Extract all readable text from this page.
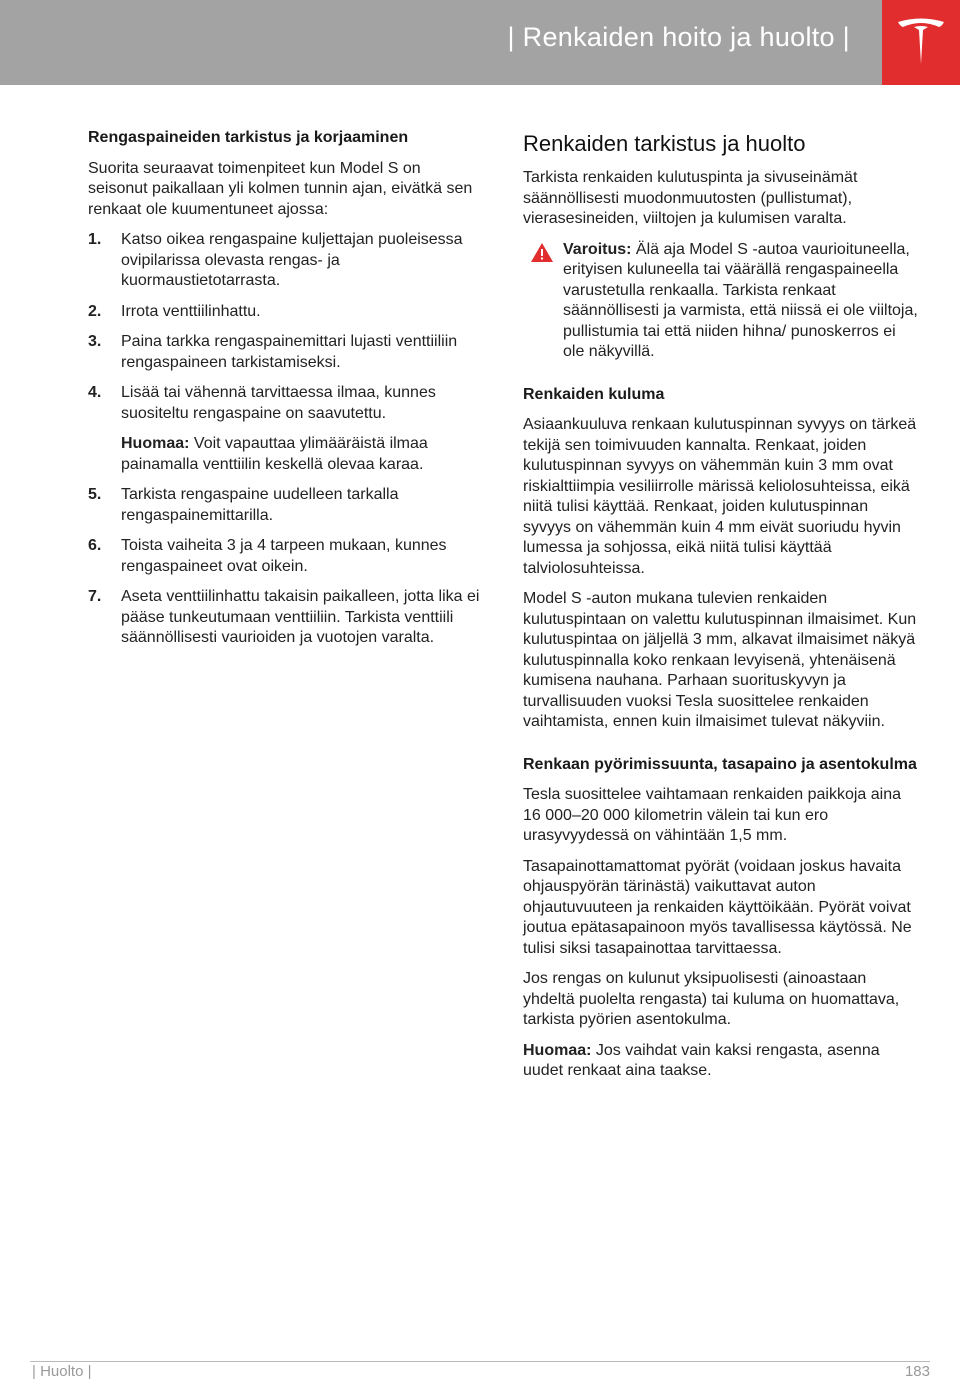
| Renkaiden hoito ja huolto |
Rengaspaineiden tarkistus ja korjaaminen

Suorita seuraavat toimenpiteet kun Model S on seisonut paikallaan yli kolmen tunnin ajan, eivätkä sen renkaat ole kuumentuneet ajossa:

1. Katso oikea rengaspaine kuljettajan puoleisessa ovipilarissa olevasta rengas- ja kuormaustietotarrasta.
2. Irrota venttiilinhattu.
3. Paina tarkka rengaspainemittari lujasti venttiiliin rengaspaineen tarkistamiseksi.
4. Lisää tai vähennä tarvittaessa ilmaa, kunnes suositeltu rengaspaine on saavutettu.
Huomaa: Voit vapauttaa ylimääräistä ilmaa painamalla venttiilin keskellä olevaa karaa.
5. Tarkista rengaspaine uudelleen tarkalla rengaspainemittarilla.
6. Toista vaiheita 3 ja 4 tarpeen mukaan, kunnes rengaspaineet ovat oikein.
7. Aseta venttiilinhattu takaisin paikalleen, jotta lika ei pääse tunkeutumaan venttiiliin. Tarkista venttiili säännöllisesti vaurioiden ja vuotojen varalta.
Renkaiden tarkistus ja huolto

Tarkista renkaiden kulutuspinta ja sivuseinämät säännöllisesti muodonmuutosten (pullistumat), vierasesineiden, viiltojen ja kulumisen varalta.

Varoitus: Älä aja Model S -autoa vaurioituneella, erityisen kuluneella tai väärällä rengaspaineella varustetulla renkaalla. Tarkista renkaat säännöllisesti ja varmista, että niissä ei ole viiltoja, pullistumia tai että niiden hihna/ punoskerros ei ole näkyvillä.
Renkaiden kuluma

Asiaankuuluva renkaan kulutuspinnan syvyys on tärkeä tekijä sen toimivuuden kannalta. Renkaat, joiden kulutuspinnan syvyys on vähemmän kuin 3 mm ovat riskialttiimpia vesiliirrolle märissä keliolosuhteissa, eikä niitä tulisi käyttää. Renkaat, joiden kulutuspinnan syvyys on vähemmän kuin 4 mm eivät suoriudu hyvin lumessa ja sohjossa, eikä niitä tulisi käyttää talviolosuhteissa.

Model S -auton mukana tulevien renkaiden kulutuspintaan on valettu kulutuspinnan ilmaisimet. Kun kulutuspintaa on jäljellä 3 mm, alkavat ilmaisimet näkyä kulutuspinnalla koko renkaan levyisenä, yhtenäisenä kumisena nauhana. Parhaan suorituskyvyn ja turvallisuuden vuoksi Tesla suosittelee renkaiden vaihtamista, ennen kuin ilmaisimet tulevat näkyviin.

Renkaan pyörimissuunta, tasapaino ja asentokulma

Tesla suosittelee vaihtamaan renkaiden paikkoja aina 16 000–20 000 kilometrin välein tai kun ero urasyvyydessä on vähintään 1,5 mm.

Tasapainottamattomat pyörät (voidaan joskus havaita ohjauspyörän tärinästä) vaikuttavat auton ohjautuvuuteen ja renkaiden käyttöikään. Pyörät voivat joutua epätasapainoon myös tavallisessa käytössä. Ne tulisi siksi tasapainottaa tarvittaessa.

Jos rengas on kulunut yksipuolisesti (ainoastaan yhdeltä puolelta rengasta) tai kuluma on huomattava, tarkista pyörien asentokulma.

Huomaa: Jos vaihdat vain kaksi rengasta, asenna uudet renkaat aina taakse.

| Huolto |	183
